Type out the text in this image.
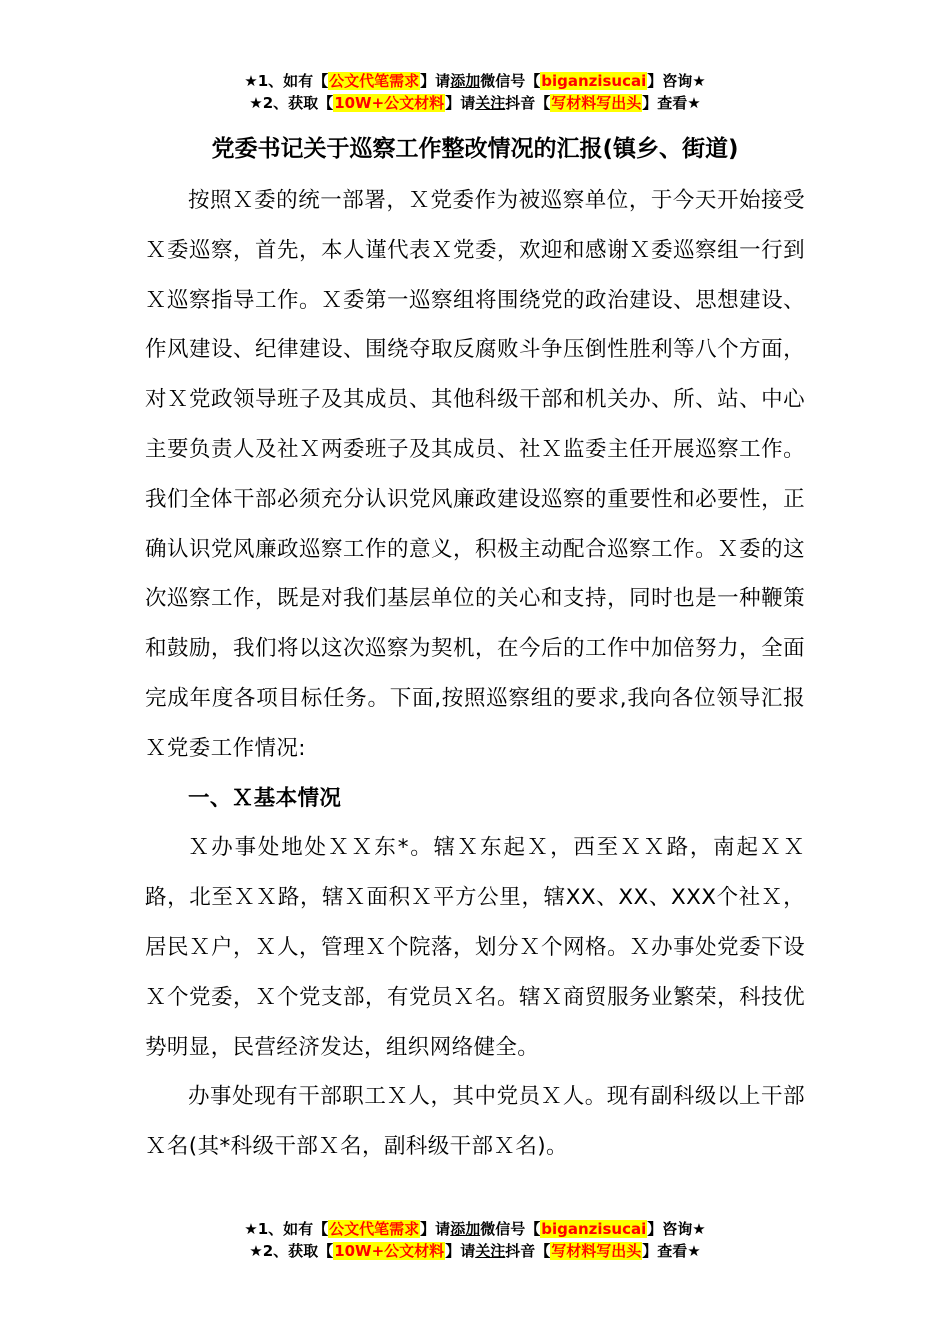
★1、如有【公文代笔需求】请添加微信号【biganzisucai】咨询★
★2、获取【10W+公文材料】请关注抖音【写材料写出头】查看★
党委书记关于巡察工作整改情况的汇报(镇乡、街道)

按照Ｘ委的统一部署，Ｘ党委作为被巡察单位，于今天开始接受Ｘ委巡察，首先，本人谨代表Ｘ党委，欢迎和感谢Ｘ委巡察组一行到Ｘ巡察指导工作。Ｘ委第一巡察组将围绕党的政治建设、思想建设、作风建设、纪律建设、围绕夺取反腐败斗争压倒性胜利等八个方面，对Ｘ党政领导班子及其成员、其他科级干部和机关办、所、站、中心主要负责人及社Ｘ两委班子及其成员、社Ｘ监委主任开展巡察工作。我们全体干部必须充分认识党风廉政建设巡察的重要性和必要性，正确认识党风廉政巡察工作的意义，积极主动配合巡察工作。Ｘ委的这次巡察工作，既是对我们基层单位的关心和支持，同时也是一种鞭策和鼓励，我们将以这次巡察为契机，在今后的工作中加倍努力，全面完成年度各项目标任务。下面,按照巡察组的要求,我向各位领导汇报Ｘ党委工作情况:

一、Ｘ基本情况

Ｘ办事处地处ＸＸ东*。辖Ｘ东起Ｘ，西至ＸＸ路，南起ＸＸ路，北至ＸＸ路，辖Ｘ面积Ｘ平方公里，辖XX、XX、XXX个社Ｘ，居民Ｘ户，Ｘ人，管理Ｘ个院落，划分Ｘ个网格。Ｘ办事处党委下设Ｘ个党委，Ｘ个党支部，有党员Ｘ名。辖Ｘ商贸服务业繁荣，科技优势明显，民营经济发达，组织网络健全。

办事处现有干部职工Ｘ人，其中党员Ｘ人。现有副科级以上干部Ｘ名(其*科级干部Ｘ名，副科级干部Ｘ名)。

★1、如有【公文代笔需求】请添加微信号【biganzisucai】咨询★
★2、获取【10W+公文材料】请关注抖音【写材料写出头】查看★
